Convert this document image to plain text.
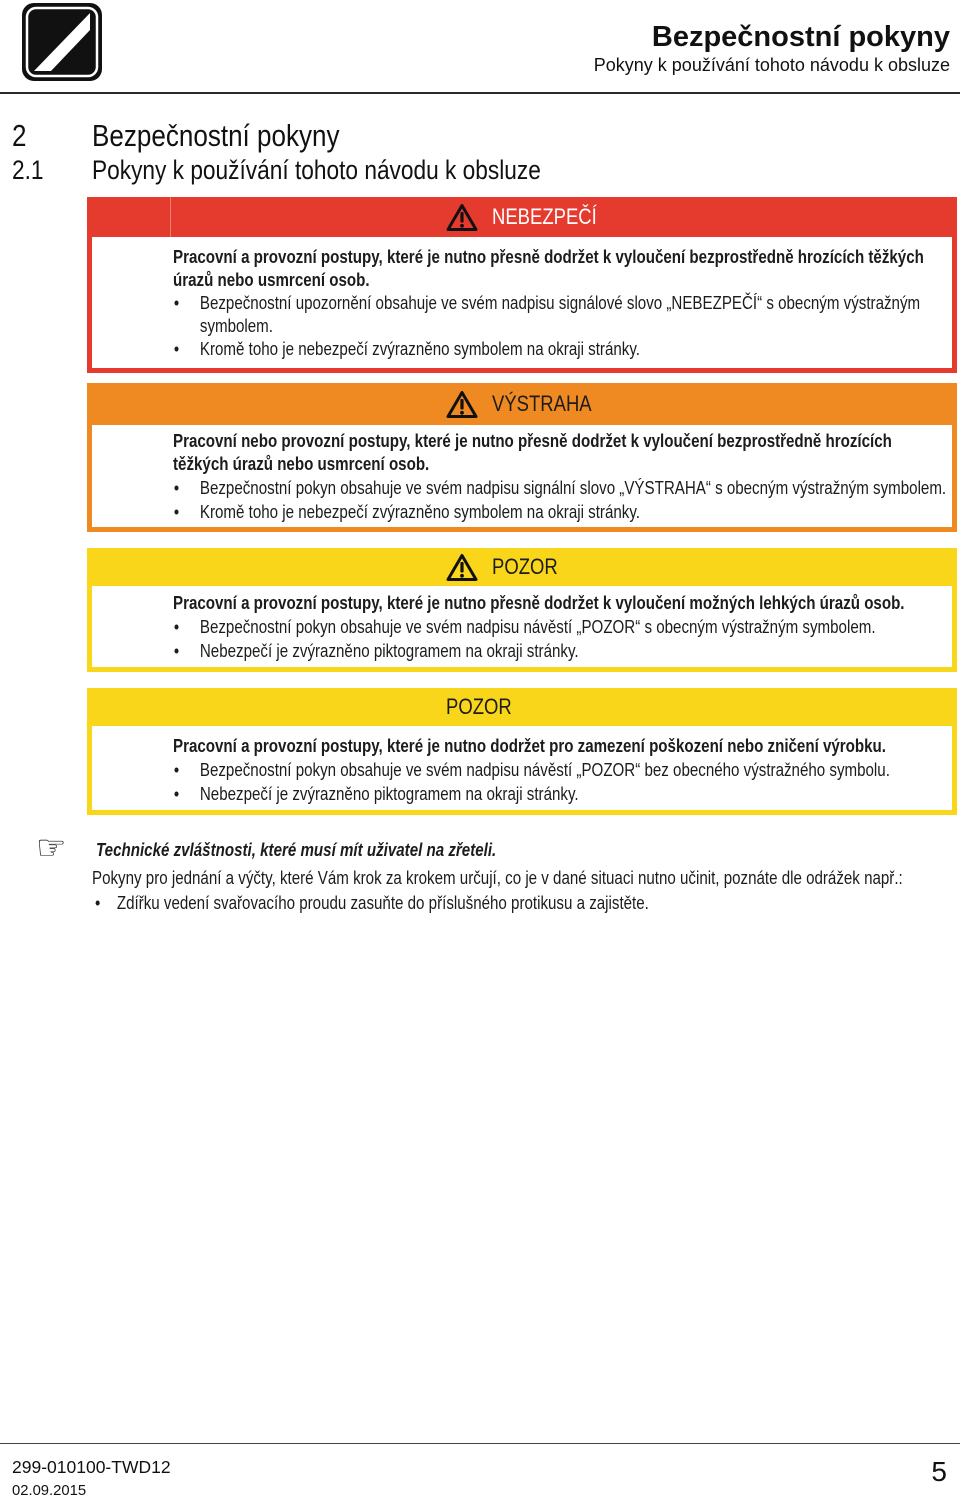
Bezpečnostní pokyny
Pokyny k používání tohoto návodu k obsluze
2 Bezpečnostní pokyny
2.1 Pokyny k používání tohoto návodu k obsluze
NEBEZPEČÍ
Pracovní a provozní postupy, které je nutno přesně dodržet k vyloučení bezprostředně hrozících těžkých
úrazů nebo usmrcení osob.
• Bezpečnostní upozornění obsahuje ve svém nadpisu signálové slovo „NEBEZPEČÍ“ s obecným výstražným
symbolem.
• Kromě toho je nebezpečí zvýrazněno symbolem na okraji stránky.
VÝSTRAHA
Pracovní nebo provozní postupy, které je nutno přesně dodržet k vyloučení bezprostředně hrozících
těžkých úrazů nebo usmrcení osob.
• Bezpečnostní pokyn obsahuje ve svém nadpisu signální slovo „VÝSTRAHA“ s obecným výstražným symbolem.
• Kromě toho je nebezpečí zvýrazněno symbolem na okraji stránky.
POZOR
Pracovní a provozní postupy, které je nutno přesně dodržet k vyloučení možných lehkých úrazů osob.
• Bezpečnostní pokyn obsahuje ve svém nadpisu návěstí „POZOR“ s obecným výstražným symbolem.
• Nebezpečí je zvýrazněno piktogramem na okraji stránky.
POZOR
Pracovní a provozní postupy, které je nutno dodržet pro zamezení poškození nebo zničení výrobku.
• Bezpečnostní pokyn obsahuje ve svém nadpisu návěstí „POZOR“ bez obecného výstražného symbolu.
• Nebezpečí je zvýrazněno piktogramem na okraji stránky.
☞
Technické zvláštnosti, které musí mít uživatel na zřeteli.
Pokyny pro jednání a výčty, které Vám krok za krokem určují, co je v dané situaci nutno učinit, poznáte dle odrážek např.:
• Zdířku vedení svařovacího proudu zasuňte do příslušného protikusu a zajistěte.
299-010100-TWD12
02.09.2015
5
